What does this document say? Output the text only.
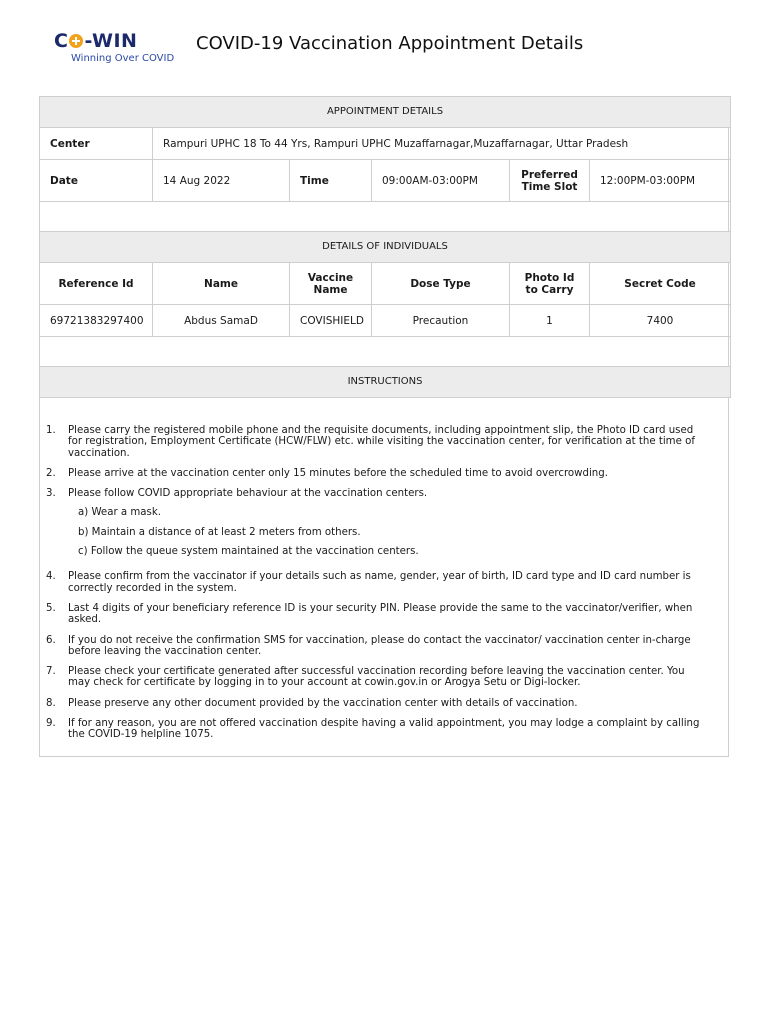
C -WIN
Winning Over COVID
COVID-19 Vaccination Appointment Details
APPOINTMENT DETAILS					
Center	Rampuri UPHC 18 To 44 Yrs, Rampuri UPHC Muzaffarnagar,Muzaffarnagar, Uttar Pradesh				
Date	14 Aug 2022	Time	09:00AM-03:00PM	Preferred Time Slot	12:00PM-03:00PM

DETAILS OF INDIVIDUALS					
Reference Id	Name	Vaccine Name	Dose Type	Photo Id to Carry	Secret Code
69721383297400	Abdus SamaD	COVISHIELD	Precaution	1	7400

INSTRUCTIONS					
1.	Please carry the registered mobile phone and the requisite documents, including appointment slip, the Photo ID card used for registration, Employment Certificate (HCW/FLW) etc. while visiting the vaccination center, for verification at the time of vaccination.
2.	Please arrive at the vaccination center only 15 minutes before the scheduled time to avoid overcrowding.
3.	Please follow COVID appropriate behaviour at the vaccination centers.
a) Wear a mask.
b) Maintain a distance of at least 2 meters from others.
c) Follow the queue system maintained at the vaccination centers.
4.	Please confirm from the vaccinator if your details such as name, gender, year of birth, ID card type and ID card number is correctly recorded in the system.
5.	Last 4 digits of your beneficiary reference ID is your security PIN. Please provide the same to the vaccinator/verifier, when asked.
6.	If you do not receive the confirmation SMS for vaccination, please do contact the vaccinator/ vaccination center in-charge before leaving the vaccination center.
7.	Please check your certificate generated after successful vaccination recording before leaving the vaccination center. You may check for certificate by logging in to your account at cowin.gov.in or Arogya Setu or Digi-locker.
8.	Please preserve any other document provided by the vaccination center with details of vaccination.
9.	If for any reason, you are not offered vaccination despite having a valid appointment, you may lodge a complaint by calling the COVID-19 helpline 1075.
